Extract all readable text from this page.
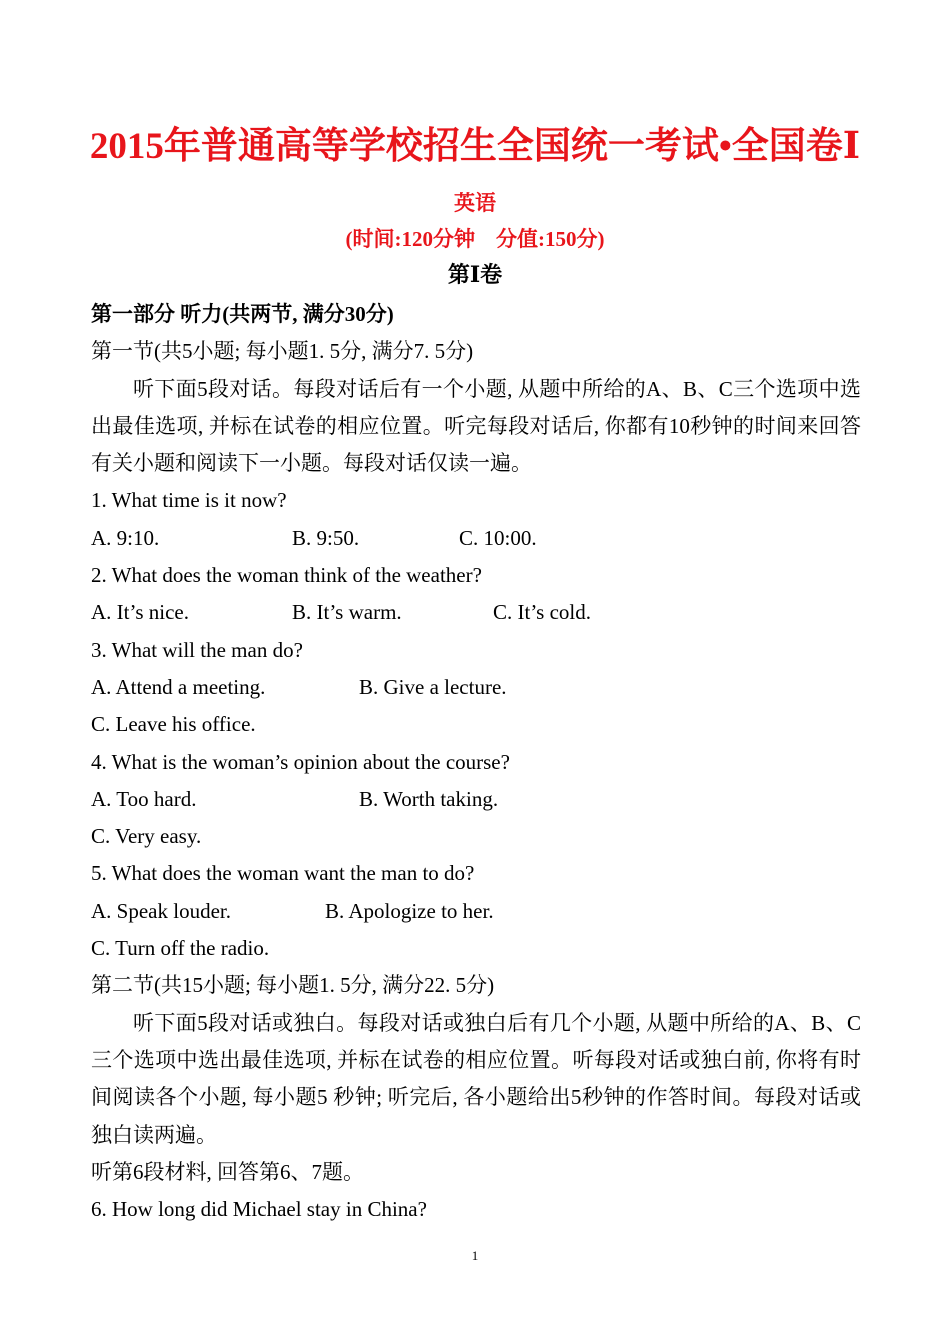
2015年普通高等学校招生全国统一考试•全国卷Ⅰ
英语
(时间:120分钟    分值:150分)
第Ⅰ卷
第一部分 听力(共两节, 满分30分)
第一节(共5小题; 每小题1. 5分, 满分7. 5分)
听下面5段对话。每段对话后有一个小题, 从题中所给的A、B、C三个选项中选出最佳选项, 并标在试卷的相应位置。听完每段对话后, 你都有10秒钟的时间来回答有关小题和阅读下一小题。每段对话仅读一遍。
1. What time is it now?
A. 9:10.	B. 9:50.	C. 10:00.
2. What does the woman think of the weather?
A. It’s nice.	B. It’s warm.	C. It’s cold.
3. What will the man do?
A. Attend a meeting.	B. Give a lecture.
C. Leave his office.
4. What is the woman’s opinion about the course?
A. Too hard.	B. Worth taking.
C. Very easy.
5. What does the woman want the man to do?
A. Speak louder.	B. Apologize to her.
C. Turn off the radio.
第二节(共15小题; 每小题1. 5分, 满分22. 5分)
听下面5段对话或独白。每段对话或独白后有几个小题, 从题中所给的A、B、C三个选项中选出最佳选项, 并标在试卷的相应位置。听每段对话或独白前, 你将有时间阅读各个小题, 每小题5 秒钟; 听完后, 各小题给出5秒钟的作答时间。每段对话或独白读两遍。
听第6段材料, 回答第6、7题。
6. How long did Michael stay in China?
1
